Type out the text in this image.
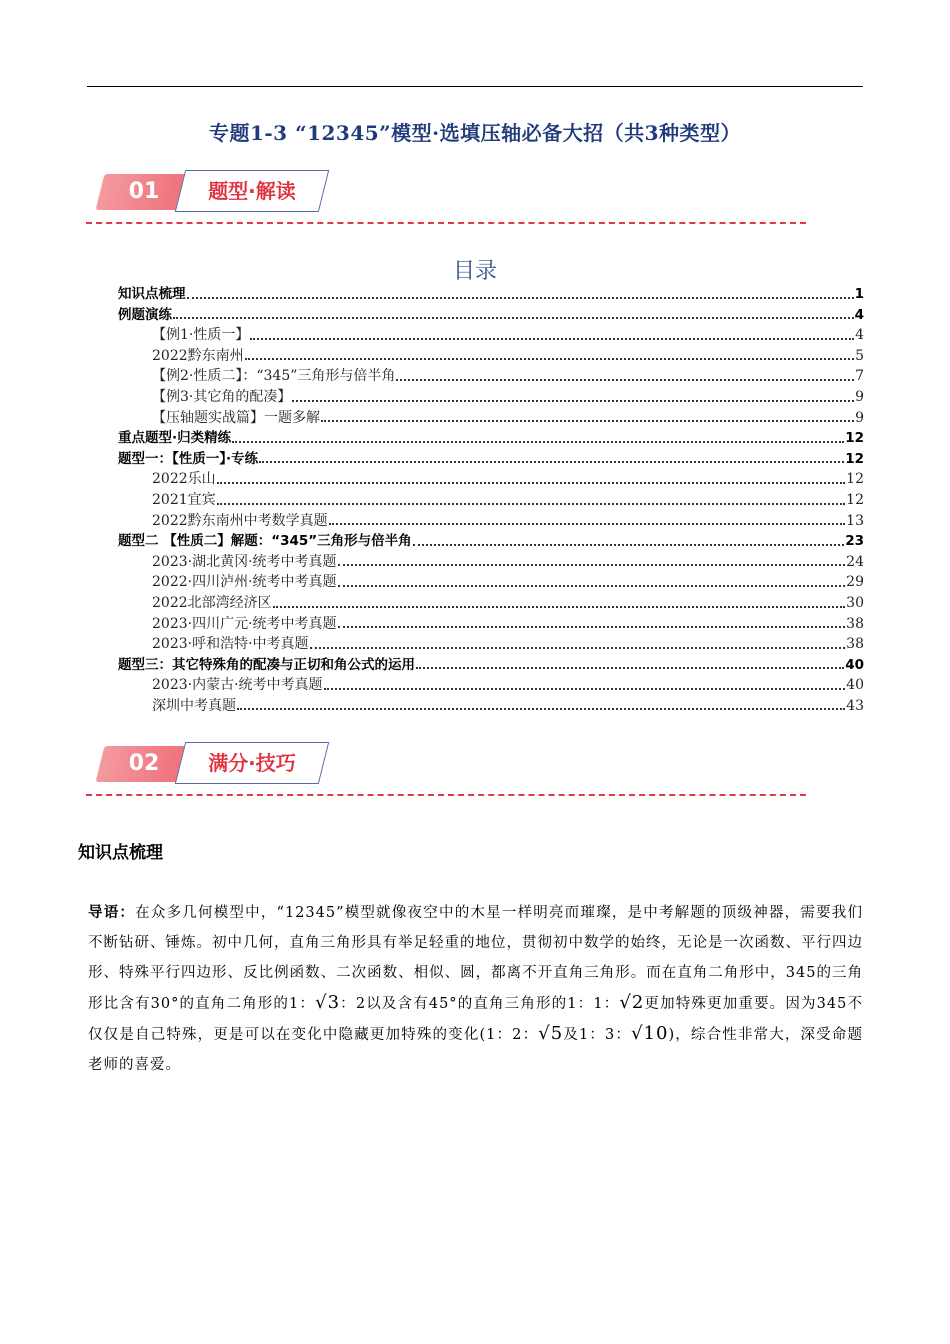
专题1-3 “12345”模型·选填压轴必备大招（共3种类型）
01	题型·解读
目录
知识点梳理	1
例题演练	4
【例1·性质一】	4
2022黔东南州	5
【例2·性质二】：“345”三角形与倍半角	7
【例3·其它角的配凑】	9
【压轴题实战篇】一题多解	9
重点题型·归类精练	12
题型一：【性质一】·专练	12
2022乐山	12
2021宜宾	12
2022黔东南州中考数学真题	13
题型二 【性质二】解题：“345”三角形与倍半角	23
2023·湖北黄冈·统考中考真题	24
2022·四川泸州·统考中考真题	29
2022北部湾经济区	30
2023·四川广元·统考中考真题	38
2023·呼和浩特·中考真题	38
题型三：其它特殊角的配凑与正切和角公式的运用	40
2023·内蒙古·统考中考真题	40
深圳中考真题	43
02	满分·技巧
知识点梳理

导语：在众多几何模型中，“12345”模型就像夜空中的木星一样明亮而璀璨，是中考解题的顶级神器，需要我们不断钻研、锤炼。初中几何，直角三角形具有举足轻重的地位，贯彻初中数学的始终，无论是一次函数、平行四边形、特殊平行四边形、反比例函数、二次函数、相似、圆，都离不开直角三角形。而在直角二角形中，345的三角形比含有30°的直角二角形的1：√3：2以及含有45°的直角三角形的1：1：√2更加特殊更加重要。因为345不仅仅是自己特殊，更是可以在变化中隐藏更加特殊的变化(1：2：√5及1：3：√10)，综合性非常大，深受命题老师的喜爱。
